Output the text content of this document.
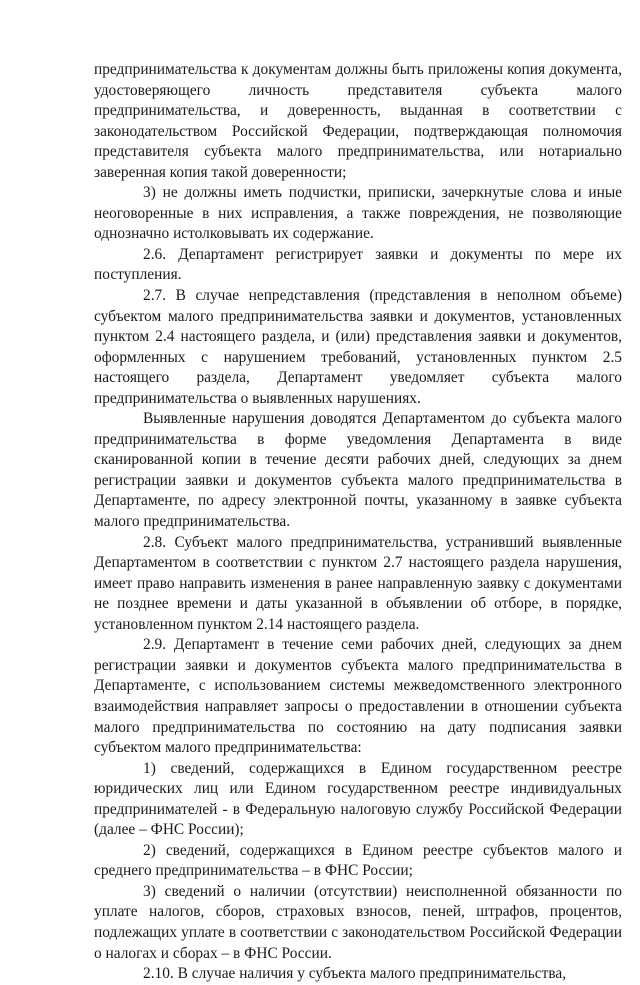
предпринимательства к документам должны быть приложены копия документа, удостоверяющего личность представителя субъекта малого предпринимательства, и доверенность, выданная в соответствии с законодательством Российской Федерации, подтверждающая полномочия представителя субъекта малого предпринимательства, или нотариально заверенная копия такой доверенности;

3) не должны иметь подчистки, приписки, зачеркнутые слова и иные неоговоренные в них исправления, а также повреждения, не позволяющие однозначно истолковывать их содержание.

2.6. Департамент регистрирует заявки и документы по мере их поступления.

2.7. В случае непредставления (представления в неполном объеме) субъектом малого предпринимательства заявки и документов, установленных пунктом 2.4 настоящего раздела, и (или) представления заявки и документов, оформленных с нарушением требований, установленных пунктом 2.5 настоящего раздела, Департамент уведомляет субъекта малого предпринимательства о выявленных нарушениях.

Выявленные нарушения доводятся Департаментом до субъекта малого предпринимательства в форме уведомления Департамента в виде сканированной копии в течение десяти рабочих дней, следующих за днем регистрации заявки и документов субъекта малого предпринимательства в Департаменте, по адресу электронной почты, указанному в заявке субъекта малого предпринимательства.

2.8. Субъект малого предпринимательства, устранивший выявленные Департаментом в соответствии с пунктом 2.7 настоящего раздела нарушения, имеет право направить изменения в ранее направленную заявку с документами не позднее времени и даты указанной в объявлении об отборе, в порядке, установленном пунктом 2.14 настоящего раздела.

2.9. Департамент в течение семи рабочих дней, следующих за днем регистрации заявки и документов субъекта малого предпринимательства в Департаменте, с использованием системы межведомственного электронного взаимодействия направляет запросы о предоставлении в отношении субъекта малого предпринимательства по состоянию на дату подписания заявки субъектом малого предпринимательства:

1) сведений, содержащихся в Едином государственном реестре юридических лиц или Едином государственном реестре индивидуальных предпринимателей - в Федеральную налоговую службу Российской Федерации (далее – ФНС России);

2) сведений, содержащихся в Едином реестре субъектов малого и среднего предпринимательства – в ФНС России;

3) сведений о наличии (отсутствии) неисполненной обязанности по уплате налогов, сборов, страховых взносов, пеней, штрафов, процентов, подлежащих уплате в соответствии с законодательством Российской Федерации о налогах и сборах – в ФНС России.

2.10. В случае наличия у субъекта малого предпринимательства,
